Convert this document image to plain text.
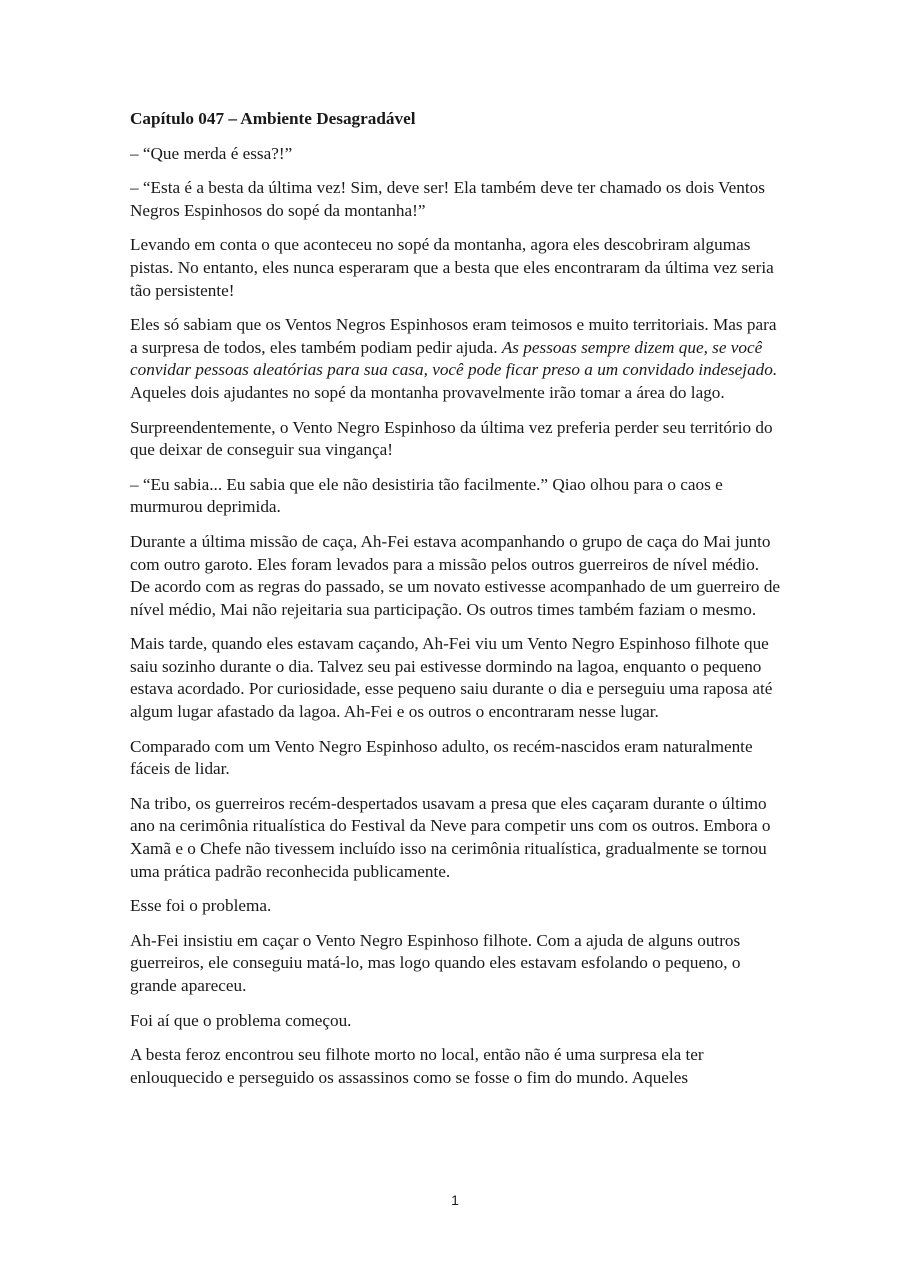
Capítulo 047 – Ambiente Desagradável

– “Que merda é essa?!”

– “Esta é a besta da última vez! Sim, deve ser! Ela também deve ter chamado os dois Ventos Negros Espinhosos do sopé da montanha!”

Levando em conta o que aconteceu no sopé da montanha, agora eles descobriram algumas pistas. No entanto, eles nunca esperaram que a besta que eles encontraram da última vez seria tão persistente!

Eles só sabiam que os Ventos Negros Espinhosos eram teimosos e muito territoriais. Mas para a surpresa de todos, eles também podiam pedir ajuda. As pessoas sempre dizem que, se você convidar pessoas aleatórias para sua casa, você pode ficar preso a um convidado indesejado. Aqueles dois ajudantes no sopé da montanha provavelmente irão tomar a área do lago.

Surpreendentemente, o Vento Negro Espinhoso da última vez preferia perder seu território do que deixar de conseguir sua vingança!

– “Eu sabia... Eu sabia que ele não desistiria tão facilmente.” Qiao olhou para o caos e murmurou deprimida.

Durante a última missão de caça, Ah-Fei estava acompanhando o grupo de caça do Mai junto com outro garoto. Eles foram levados para a missão pelos outros guerreiros de nível médio. De acordo com as regras do passado, se um novato estivesse acompanhado de um guerreiro de nível médio, Mai não rejeitaria sua participação. Os outros times também faziam o mesmo.

Mais tarde, quando eles estavam caçando, Ah-Fei viu um Vento Negro Espinhoso filhote que saiu sozinho durante o dia. Talvez seu pai estivesse dormindo na lagoa, enquanto o pequeno estava acordado. Por curiosidade, esse pequeno saiu durante o dia e perseguiu uma raposa até algum lugar afastado da lagoa. Ah-Fei e os outros o encontraram nesse lugar.

Comparado com um Vento Negro Espinhoso adulto, os recém-nascidos eram naturalmente fáceis de lidar.

Na tribo, os guerreiros recém-despertados usavam a presa que eles caçaram durante o último ano na cerimônia ritualística do Festival da Neve para competir uns com os outros. Embora o Xamã e o Chefe não tivessem incluído isso na cerimônia ritualística, gradualmente se tornou uma prática padrão reconhecida publicamente.

Esse foi o problema.

Ah-Fei insistiu em caçar o Vento Negro Espinhoso filhote. Com a ajuda de alguns outros guerreiros, ele conseguiu matá-lo, mas logo quando eles estavam esfolando o pequeno, o grande apareceu.

Foi aí que o problema começou.

A besta feroz encontrou seu filhote morto no local, então não é uma surpresa ela ter enlouquecido e perseguido os assassinos como se fosse o fim do mundo. Aqueles

1
